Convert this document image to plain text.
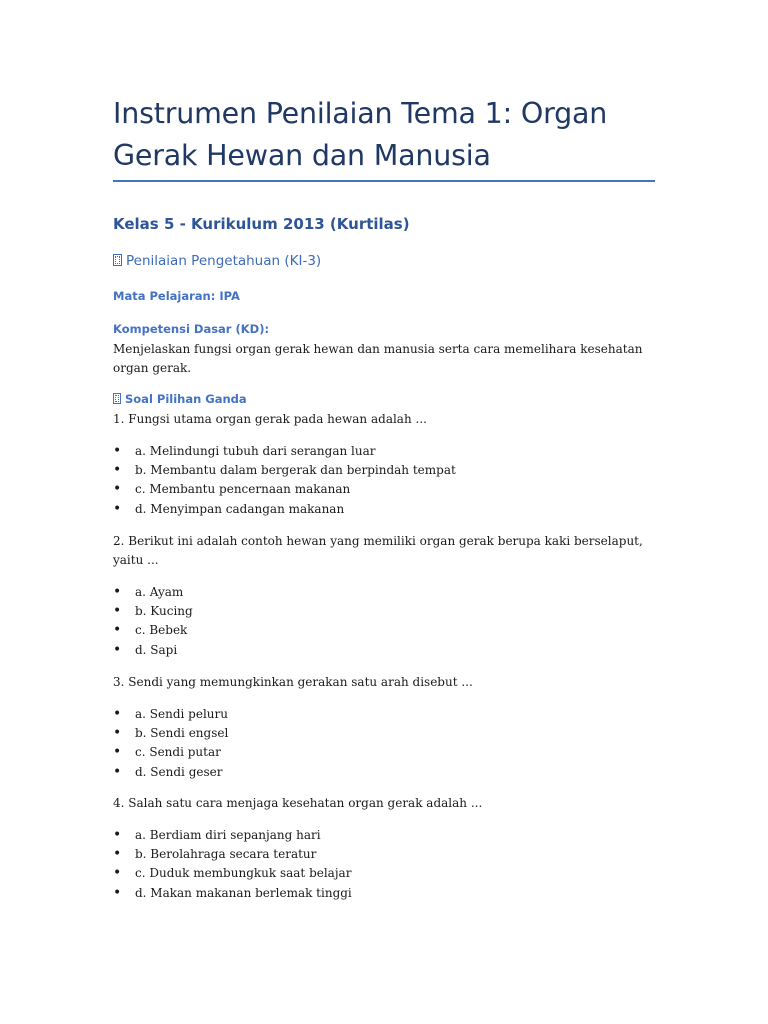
Instrumen Penilaian Tema 1: Organ Gerak Hewan dan Manusia
Kelas 5 - Kurikulum 2013 (Kurtilas)
Penilaian Pengetahuan (KI-3)
Mata Pelajaran: IPA
Kompetensi Dasar (KD):
Menjelaskan fungsi organ gerak hewan dan manusia serta cara memelihara kesehatan organ gerak.
Soal Pilihan Ganda

1. Fungsi utama organ gerak pada hewan adalah ...

• a. Melindungi tubuh dari serangan luar
• b. Membantu dalam bergerak dan berpindah tempat
• c. Membantu pencernaan makanan
• d. Menyimpan cadangan makanan

2. Berikut ini adalah contoh hewan yang memiliki organ gerak berupa kaki berselaput, yaitu ...

• a. Ayam
• b. Kucing
• c. Bebek
• d. Sapi

3. Sendi yang memungkinkan gerakan satu arah disebut ...

• a. Sendi peluru
• b. Sendi engsel
• c. Sendi putar
• d. Sendi geser

4. Salah satu cara menjaga kesehatan organ gerak adalah ...

• a. Berdiam diri sepanjang hari
• b. Berolahraga secara teratur
• c. Duduk membungkuk saat belajar
• d. Makan makanan berlemak tinggi
